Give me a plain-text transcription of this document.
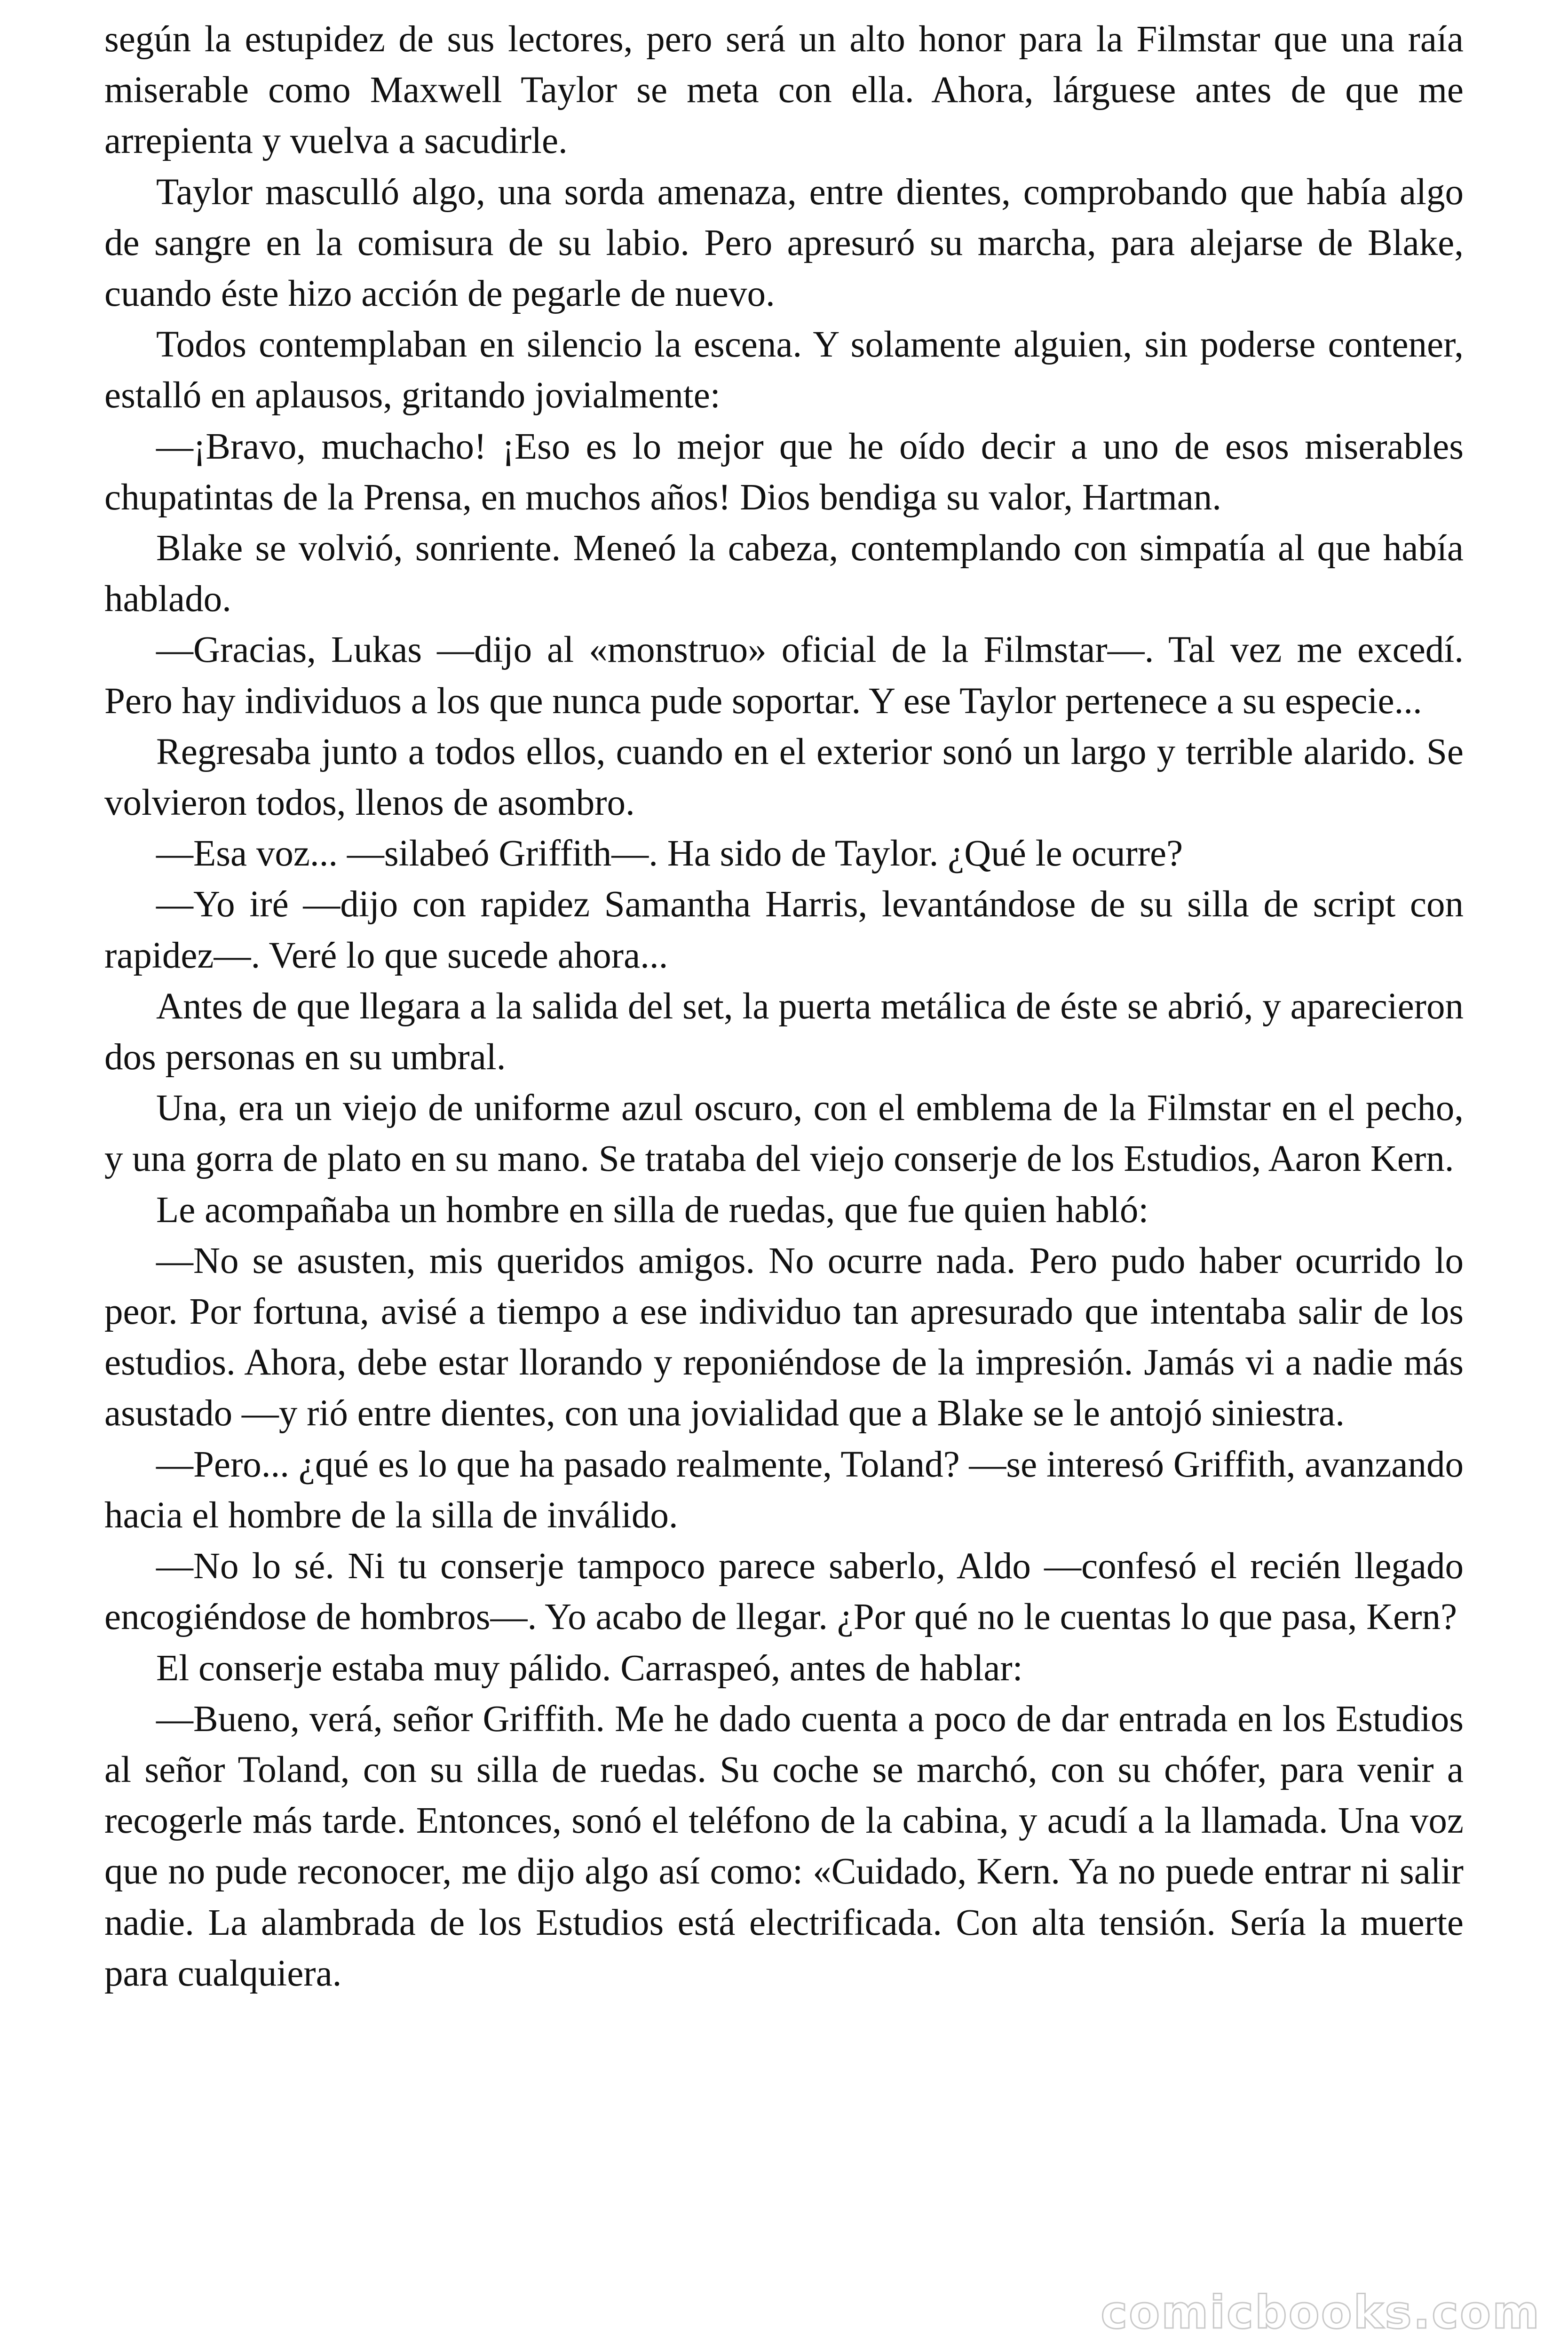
según la estupidez de sus lectores, pero será un alto honor para la Filmstar que una raía miserable como Maxwell Taylor se meta con ella. Ahora, lárguese antes de que me arrepienta y vuelva a sacudirle.

Taylor masculló algo, una sorda amenaza, entre dientes, comprobando que había algo de sangre en la comisura de su labio. Pero apresuró su marcha, para alejarse de Blake, cuando éste hizo acción de pegarle de nuevo.

Todos contemplaban en silencio la escena. Y solamente alguien, sin poderse contener, estalló en aplausos, gritando jovialmente:

—¡Bravo, muchacho! ¡Eso es lo mejor que he oído decir a uno de esos miserables chupatintas de la Prensa, en muchos años! Dios bendiga su valor, Hartman.

Blake se volvió, sonriente. Meneó la cabeza, contemplando con simpatía al que había hablado.

—Gracias, Lukas —dijo al «monstruo» oficial de la Filmstar—. Tal vez me excedí. Pero hay individuos a los que nunca pude soportar. Y ese Taylor pertenece a su especie...

Regresaba junto a todos ellos, cuando en el exterior sonó un largo y terrible alarido. Se volvieron todos, llenos de asombro.

—Esa voz... —silabeó Griffith—. Ha sido de Taylor. ¿Qué le ocurre?

—Yo iré —dijo con rapidez Samantha Harris, levantándose de su silla de script con rapidez—. Veré lo que sucede ahora...

Antes de que llegara a la salida del set, la puerta metálica de éste se abrió, y aparecieron dos personas en su umbral.

Una, era un viejo de uniforme azul oscuro, con el emblema de la Filmstar en el pecho, y una gorra de plato en su mano. Se trataba del viejo conserje de los Estudios, Aaron Kern.

Le acompañaba un hombre en silla de ruedas, que fue quien habló:

—No se asusten, mis queridos amigos. No ocurre nada. Pero pudo haber ocurrido lo peor. Por fortuna, avisé a tiempo a ese individuo tan apresurado que intentaba salir de los estudios. Ahora, debe estar llorando y reponiéndose de la impresión. Jamás vi a nadie más asustado —y rió entre dientes, con una jovialidad que a Blake se le antojó siniestra.

—Pero... ¿qué es lo que ha pasado realmente, Toland? —se interesó Griffith, avanzando hacia el hombre de la silla de inválido.

—No lo sé. Ni tu conserje tampoco parece saberlo, Aldo —confesó el recién llegado encogiéndose de hombros—. Yo acabo de llegar. ¿Por qué no le cuentas lo que pasa, Kern?

El conserje estaba muy pálido. Carraspeó, antes de hablar:

—Bueno, verá, señor Griffith. Me he dado cuenta a poco de dar entrada en los Estudios al señor Toland, con su silla de ruedas. Su coche se marchó, con su chófer, para venir a recogerle más tarde. Entonces, sonó el teléfono de la cabina, y acudí a la llamada. Una voz que no pude reconocer, me dijo algo así como: «Cuidado, Kern. Ya no puede entrar ni salir nadie. La alambrada de los Estudios está electrificada. Con alta tensión. Sería la muerte para cualquiera.

comicbooks.com
